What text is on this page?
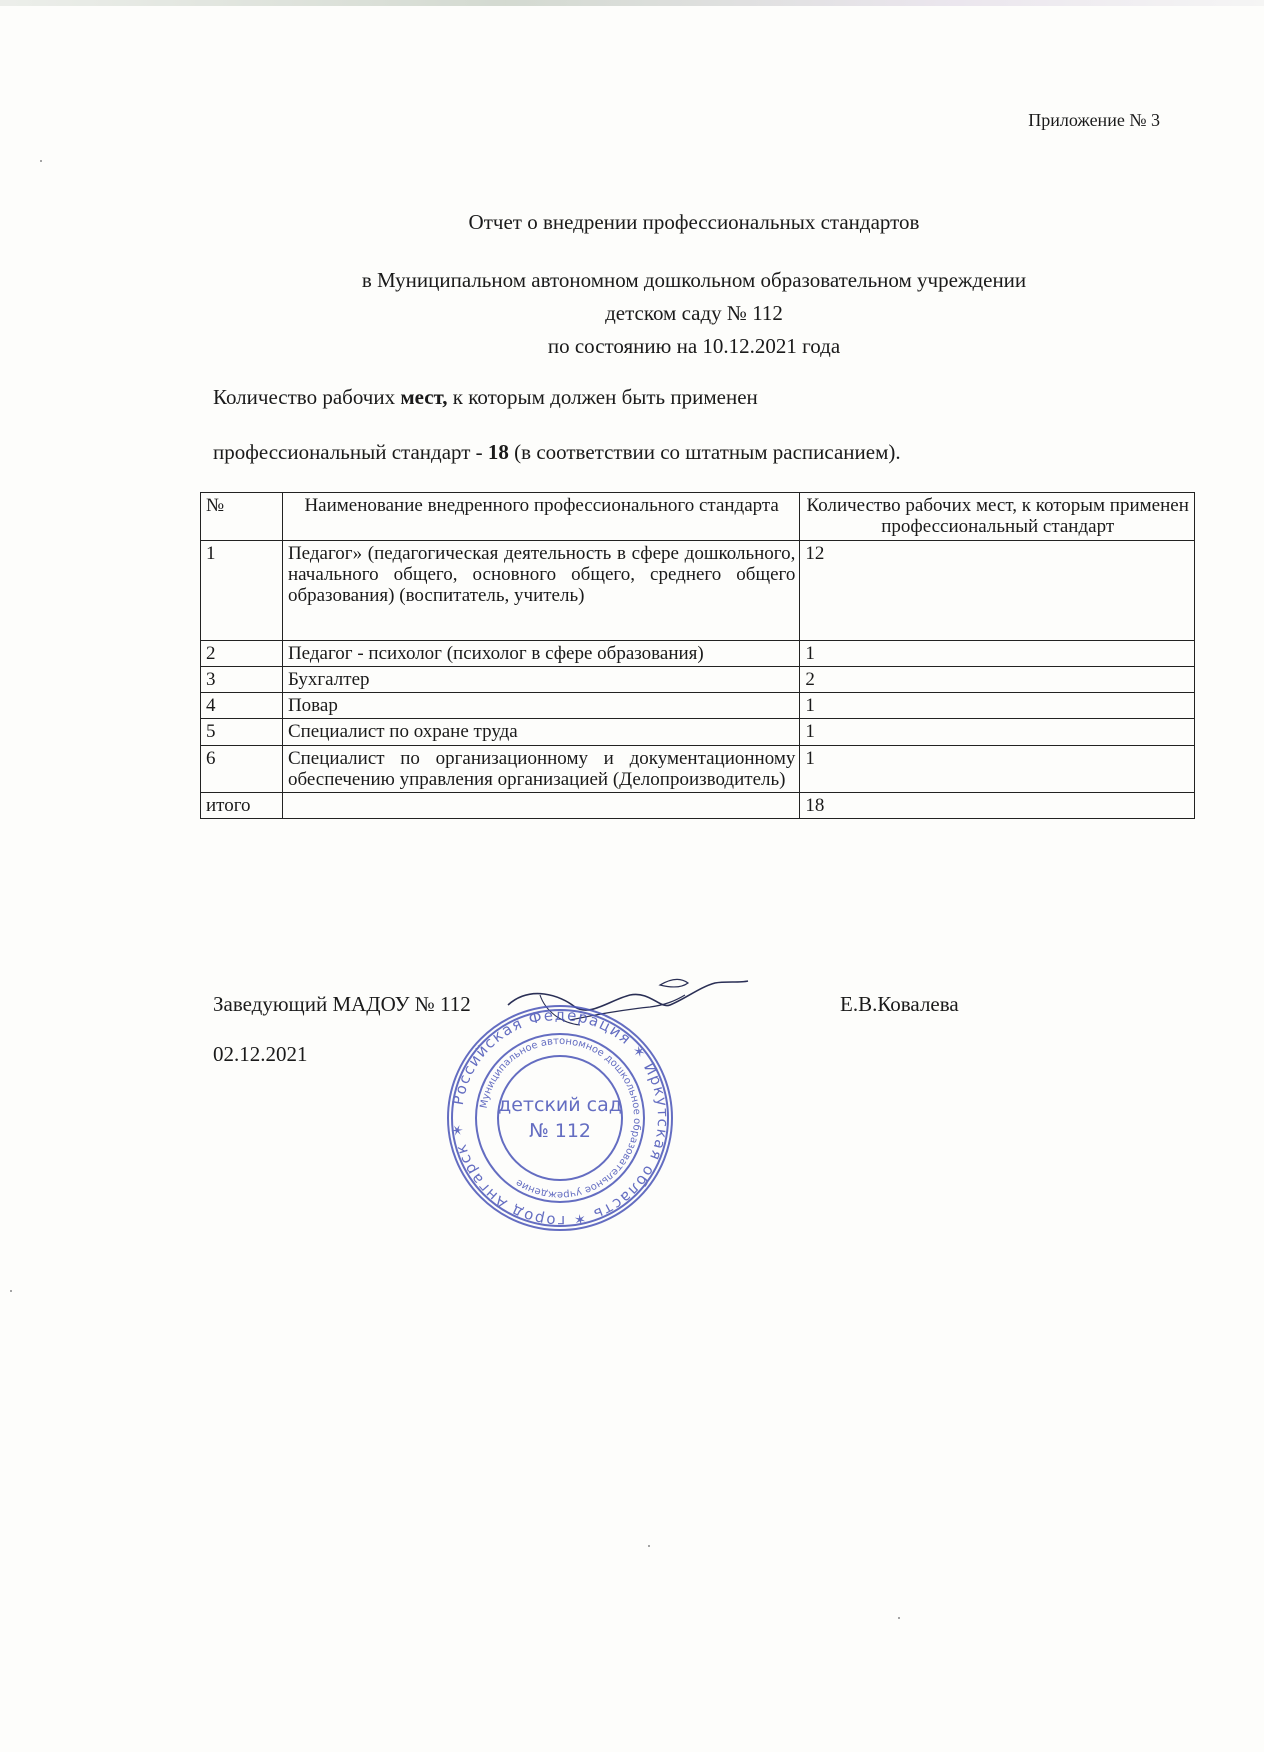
Приложение № 3
Отчет о внедрении профессиональных стандартов
в Муниципальном автономном дошкольном образовательном учреждении
детском саду № 112
по состоянию на 10.12.2021 года
Количество рабочих мест, к которым должен быть применен
профессиональный стандарт - 18 (в соответствии со штатным расписанием).
№	Наименование внедренного профессионального стандарта	Количество рабочих мест, к которым применен профессиональный стандарт
1	Педагог» (педагогическая деятельность в сфере дошкольного, начального общего, основного общего, среднего общего образования) (воспитатель, учитель)	12
2	Педагог - психолог (психолог в сфере образования)	1
3	Бухгалтер	2
4	Повар	1
5	Специалист по охране труда	1
6	Специалист по организационному и документационному обеспечению управления организацией (Делопроизводитель)	1
итого		18
Заведующий МАДОУ № 112	Е.В.Ковалева
02.12.2021
Российская Федерация ✶ Иркутская область ✶ город Ангарск ✶
Муниципальное автономное дошкольное образовательное учреждение
детский сад
№ 112
